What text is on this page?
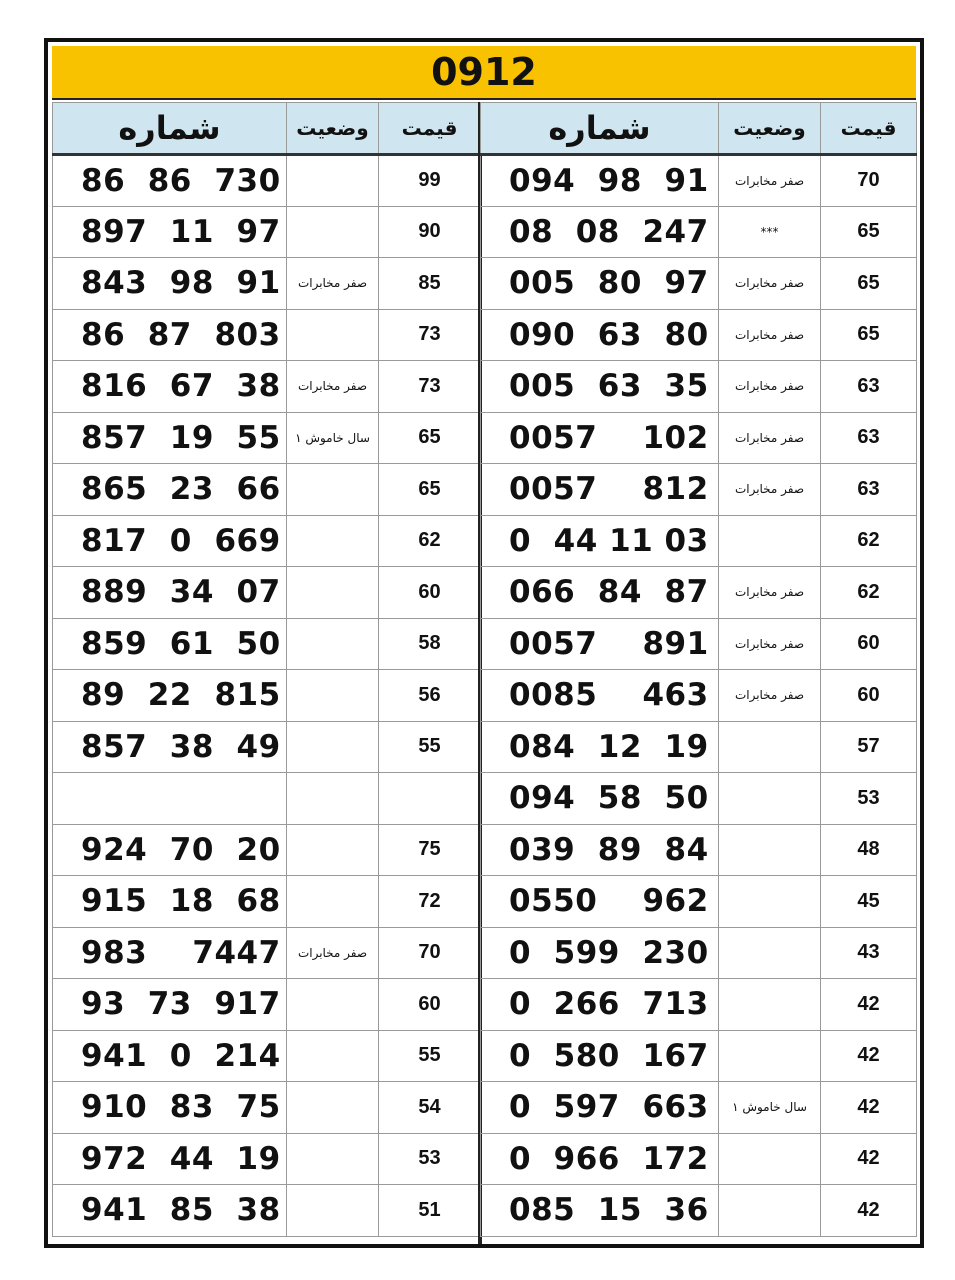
0912
شماره	وضعیت	قیمت
86  86  730		99
897  11  97		90
843  98  91	صفر مخابرات	85
86  87  803		73
816  67  38	صفر مخابرات	73
857  19  55	۱ سال خاموش	65
865  23  66		65
817  0  669		62
889  34  07		60
859  61  50		58
89  22  815		56
857  38  49		55

924  70  20		75
915  18  68		72
983    7447	صفر مخابرات	70
93  73  917		60
941  0  214		55
910  83  75		54
972  44  19		53
941  85  38		51
شماره	وضعیت	قیمت
094  98  91	صفر مخابرات	70
08  08  247	***	65
005  80  97	صفر مخابرات	65
090  63  80	صفر مخابرات	65
005  63  35	صفر مخابرات	63
0057    102	صفر مخابرات	63
0057    812	صفر مخابرات	63
0  44 11 03		62
066  84  87	صفر مخابرات	62
0057    891	صفر مخابرات	60
0085    463	صفر مخابرات	60
084  12  19		57
094  58  50		53
039  89  84		48
0550    962		45
0  599  230		43
0  266  713		42
0  580  167		42
0  597  663	۱ سال خاموش	42
0  966  172		42
085  15  36		42
